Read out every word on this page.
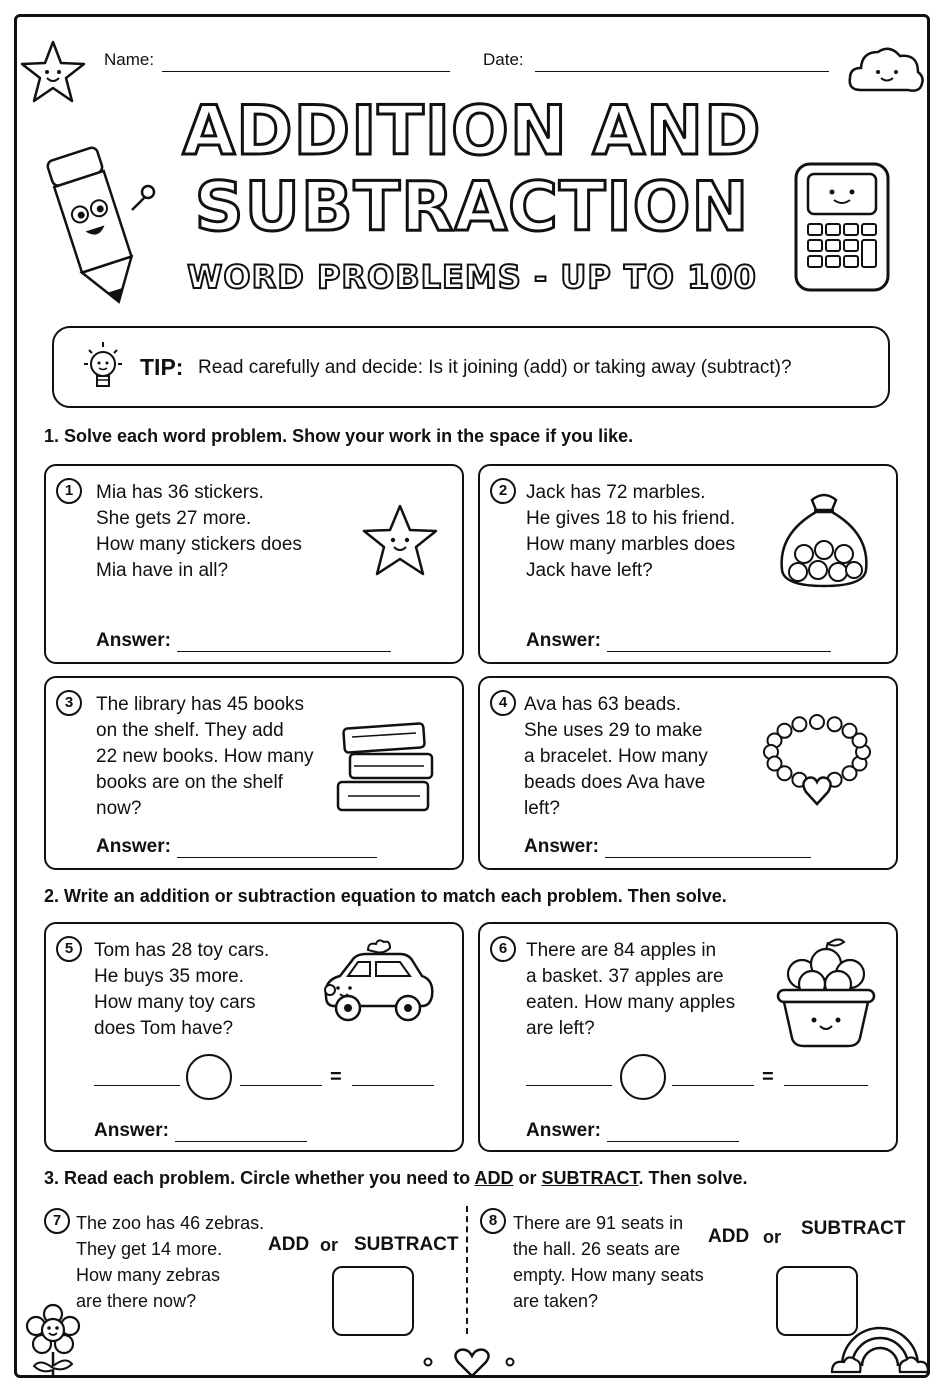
Name:	Date:
ADDITION AND
SUBTRACTION
WORD PROBLEMS - UP TO 100
TIP: Read carefully and decide: Is it joining (add) or taking away (subtract)?
1. Solve each word problem. Show your work in the space if you like.
1	Mia has 36 stickers.
She gets 27 more.
How many stickers does
Mia have in all?
Answer:
2 Jack has 72 marbles.
He gives 18 to his friend.
How many marbles does
Jack have left?
Answer:
3	The library has 45 books
on the shelf. They add
22 new books. How many
books are on the shelf
now?
Answer:
4 Ava has 63 beads.
She uses 29 to make
a bracelet. How many
beads does Ava have
left?
Answer:
2. Write an addition or subtraction equation to match each problem. Then solve.
5	Tom has 28 toy cars.
He buys 35 more.
How many toy cars
does Tom have?
=
Answer:
6 There are 84 apples in
a basket. 37 apples are
eaten. How many apples
are left?
=
Answer:
3. Read each problem. Circle whether you need to ADD or SUBTRACT. Then solve.
7 The zoo has 46 zebras.
They get 14 more.
How many zebras
are there now?
ADD or SUBTRACT
8 There are 91 seats in
the hall. 26 seats are
empty. How many seats
are taken?
ADD or SUBTRACT
